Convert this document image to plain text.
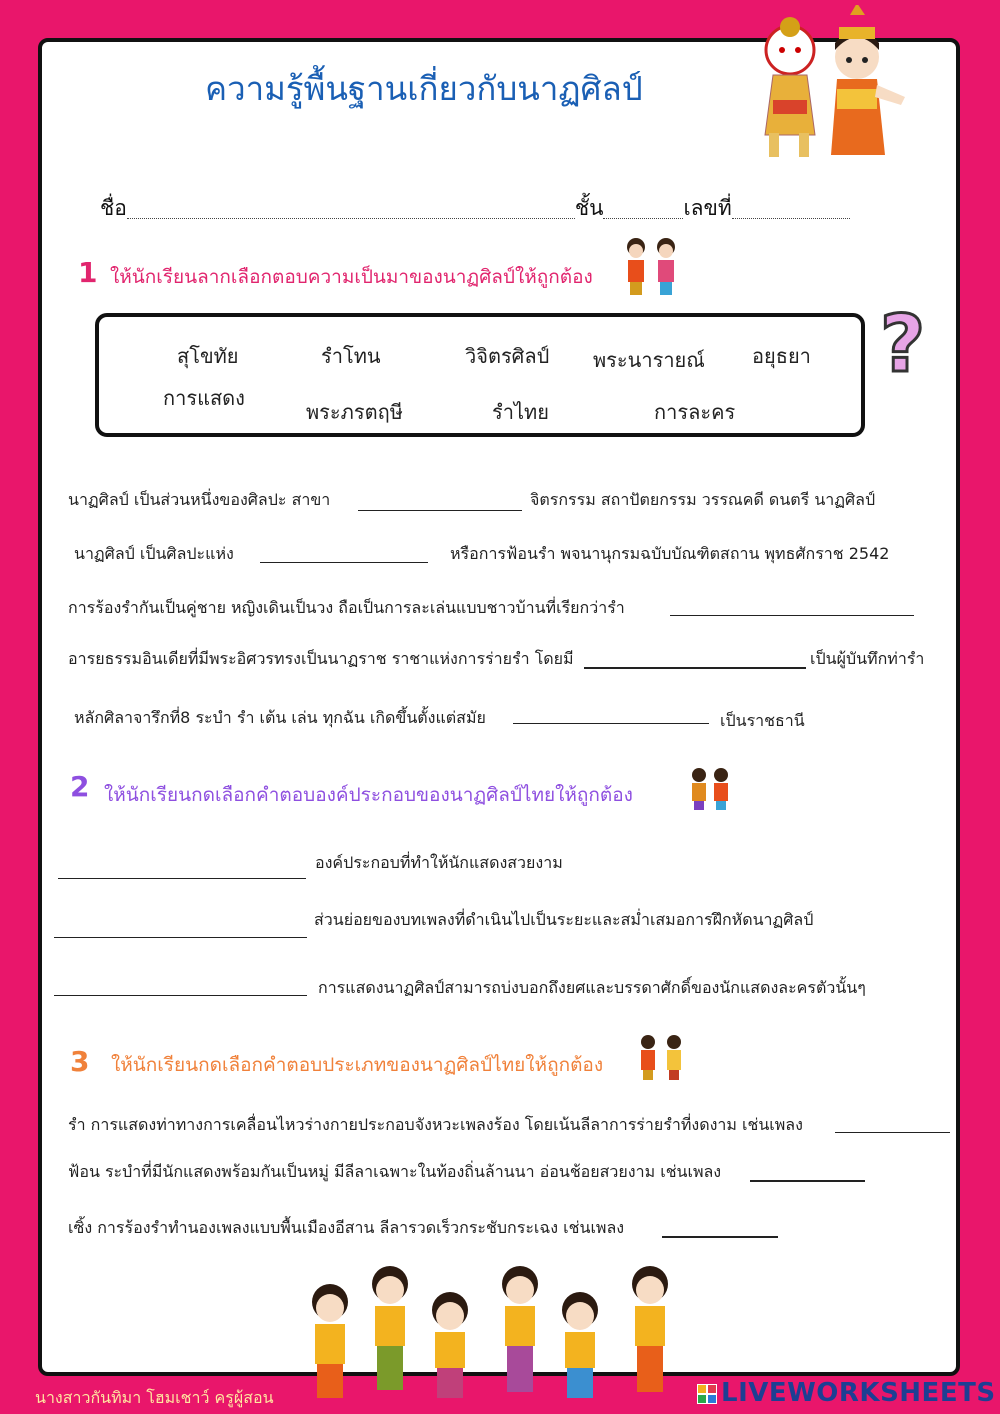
ความรู้พื้นฐานเกี่ยวกับนาฏศิลป์
ชื่อ	ชั้น	เลขที่
1 ให้นักเรียนลากเลือกตอบความเป็นมาของนาฏศิลป์ให้ถูกต้อง
สุโขทัย	รำโทน	วิจิตรศิลป์ พระนารายณ์ อยุธยา
การแสดง
พระภรตฤษี	รำไทย	การละคร
?
นาฏศิลป์ เป็นส่วนหนึ่งของศิลปะ สาขา	จิตรกรรม สถาปัตยกรรม วรรณคดี ดนตรี นาฏศิลป์
นาฏศิลป์ เป็นศิลปะแห่ง	หรือการฟ้อนรำ พจนานุกรมฉบับบัณฑิตสถาน พุทธศักราช 2542
การร้องรำกันเป็นคู่ชาย หญิงเดินเป็นวง ถือเป็นการละเล่นแบบชาวบ้านที่เรียกว่ารำ
อารยธรรมอินเดียที่มีพระอิศวรทรงเป็นนาฏราช ราชาแห่งการร่ายรำ โดยมี	เป็นผู้บันทึกท่ารำ
หลักศิลาจารึกที่8 ระบำ รำ เต้น เล่น ทุกฉัน เกิดขึ้นตั้งแต่สมัย	เป็นราชธานี
2 ให้นักเรียนกดเลือกคำตอบองค์ประกอบของนาฏศิลป์ไทยให้ถูกต้อง
องค์ประกอบที่ทำให้นักแสดงสวยงาม
ส่วนย่อยของบทเพลงที่ดำเนินไปเป็นระยะและสม่ำเสมอการฝึกหัดนาฏศิลป์
การแสดงนาฏศิลป์สามารถบ่งบอกถึงยศและบรรดาศักดิ์ของนักแสดงละครตัวนั้นๆ
3 ให้นักเรียนกดเลือกคำตอบประเภทของนาฏศิลป์ไทยให้ถูกต้อง
รำ การแสดงท่าทางการเคลื่อนไหวร่างกายประกอบจังหวะเพลงร้อง โดยเน้นลีลาการร่ายรำที่งดงาม เช่นเพลง
ฟ้อน ระบำที่มีนักแสดงพร้อมกันเป็นหมู่ มีลีลาเฉพาะในท้องถิ่นล้านนา อ่อนช้อยสวยงาม เช่นเพลง
เซิ้ง การร้องรำทำนองเพลงแบบพื้นเมืองอีสาน ลีลารวดเร็วกระชับกระเฉง เช่นเพลง
นางสาวกันทิมา โฮมเชาว์ ครูผู้สอน	LIVEWORKSHEETS
